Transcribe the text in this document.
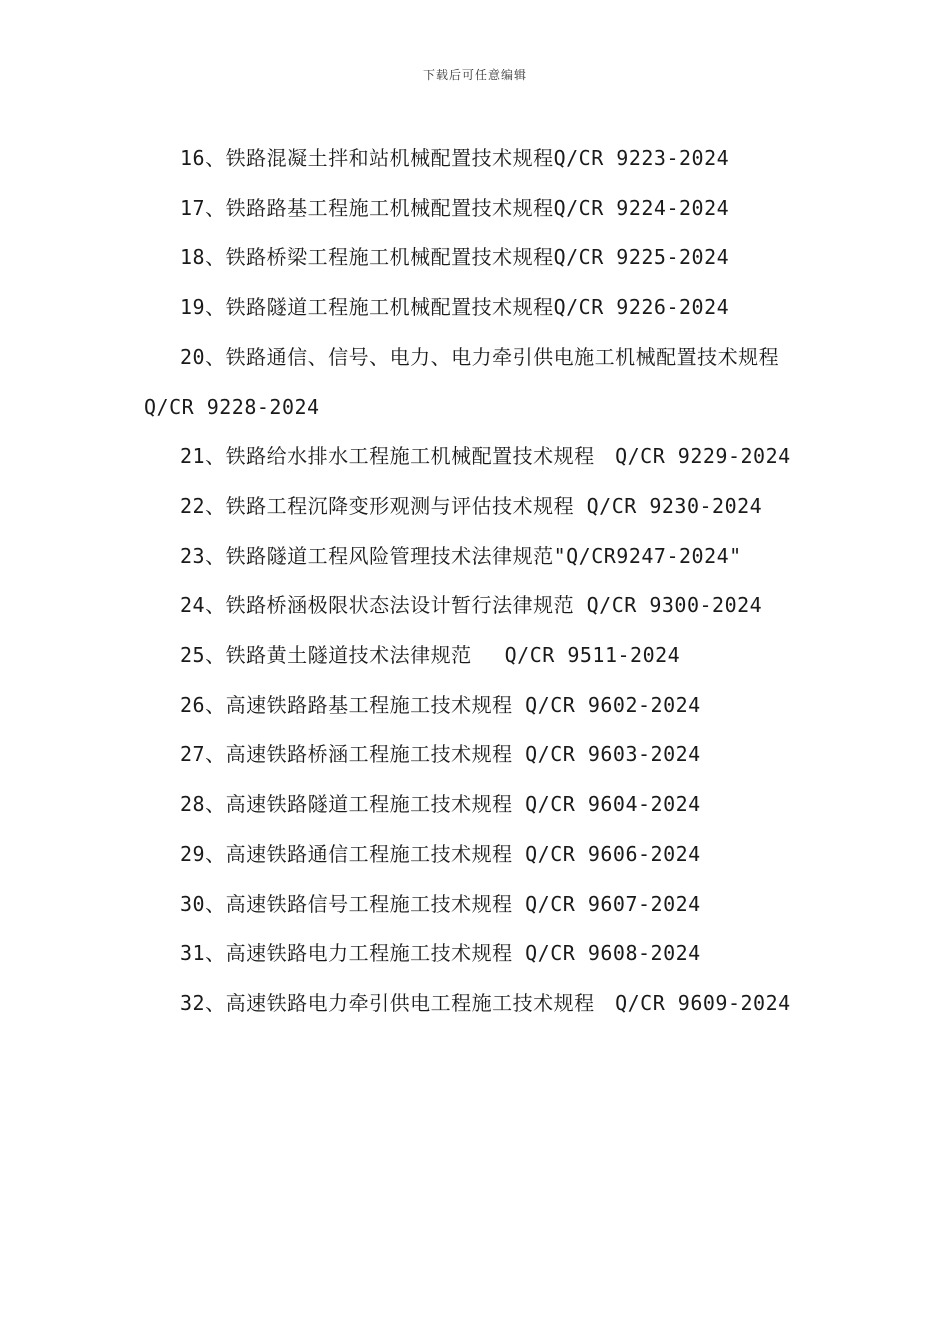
下载后可任意编辑

16、铁路混凝土拌和站机械配置技术规程Q/CR 9223-2024

17、铁路路基工程施工机械配置技术规程Q/CR 9224-2024

18、铁路桥梁工程施工机械配置技术规程Q/CR 9225-2024

19、铁路隧道工程施工机械配置技术规程Q/CR 9226-2024

20、铁路通信、信号、电力、电力牵引供电施工机械配置技术规程　Q/CR 9228-2024

21、铁路给水排水工程施工机械配置技术规程　Q/CR 9229-2024

22、铁路工程沉降变形观测与评估技术规程 Q/CR 9230-2024

23、铁路隧道工程风险管理技术法律规范"Q/CR9247-2024"

24、铁路桥涵极限状态法设计暂行法律规范 Q/CR 9300-2024

25、铁路黄土隧道技术法律规范　 Q/CR 9511-2024

26、高速铁路路基工程施工技术规程 Q/CR 9602-2024

27、高速铁路桥涵工程施工技术规程 Q/CR 9603-2024

28、高速铁路隧道工程施工技术规程 Q/CR 9604-2024

29、高速铁路通信工程施工技术规程 Q/CR 9606-2024

30、高速铁路信号工程施工技术规程 Q/CR 9607-2024

31、高速铁路电力工程施工技术规程 Q/CR 9608-2024

32、高速铁路电力牵引供电工程施工技术规程　Q/CR 9609-2024
